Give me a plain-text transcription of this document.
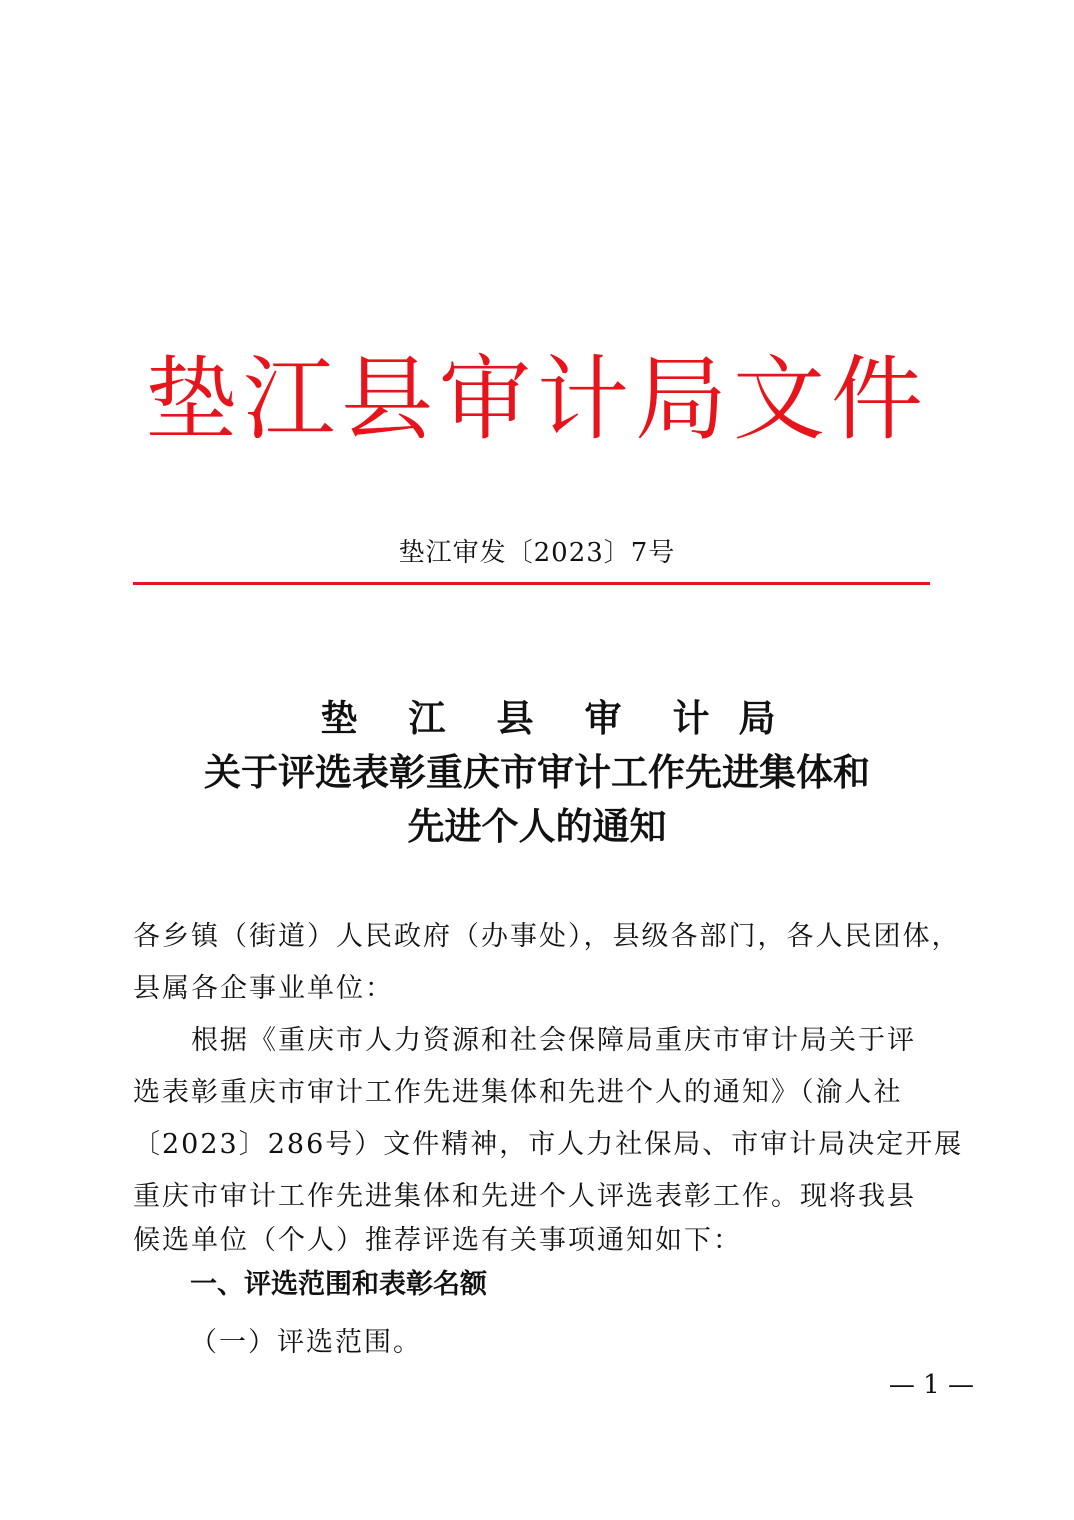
垫江县审计局文件
垫江审发〔2023〕7号
垫 江 县 审 计 局
关于评选表彰重庆市审计工作先进集体和
先进个人的通知
各乡镇（街道）人民政府（办事处），县级各部门，各人民团体，
县属各企事业单位：
　　根据《重庆市人力资源和社会保障局重庆市审计局关于评
选表彰重庆市审计工作先进集体和先进个人的通知》（渝人社
〔2023〕286号）文件精神，市人力社保局、市审计局决定开展
重庆市审计工作先进集体和先进个人评选表彰工作。现将我县
候选单位（个人）推荐评选有关事项通知如下：
一、评选范围和表彰名额
（一）评选范围。
— 1 —
